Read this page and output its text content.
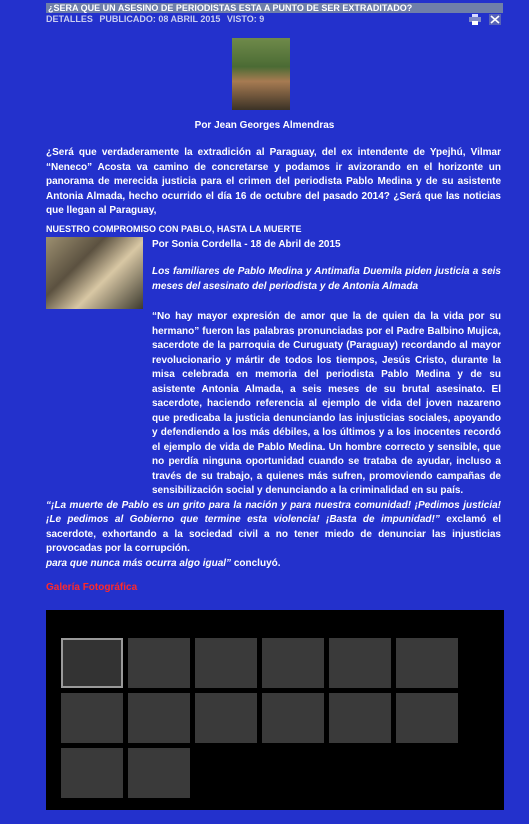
¿SERA QUE UN ASESINO DE PERIODISTAS ESTA A PUNTO DE SER EXTRADITADO?
DETALLES PUBLICADO: 08 ABRIL 2015 VISTO: 9
Por Jean Georges Almendras
¿Será que verdaderamente la extradición al Paraguay, del ex intendente de Ypejhú, Vilmar “Neneco” Acosta va camino de concretarse y podamos ir avizorando en el horizonte un panorama de merecida justicia para el crimen del periodista Pablo Medina y de su asistente Antonia Almada, hecho ocurrido el día 16 de octubre del pasado 2014? ¿Será que las noticias que llegan al Paraguay,
NUESTRO COMPROMISO CON PABLO, HASTA LA MUERTE
Por Sonia Cordella - 18 de Abril de 2015
Los familiares de Pablo Medina y Antimafia Duemila piden justicia a seis meses del asesinato del periodista y de Antonia Almada
“No hay mayor expresión de amor que la de quien da la vida por su hermano” fueron las palabras pronunciadas por el Padre Balbino Mujica, sacerdote de la parroquia de Curuguaty (Paraguay) recordando al mayor revolucionario y mártir de todos los tiempos, Jesús Cristo, durante la misa celebrada en memoria del periodista Pablo Medina y de su asistente Antonia Almada, a seis meses de su brutal asesinato. El sacerdote, haciendo referencia al ejemplo de vida del joven nazareno que predicaba la justicia denunciando las injusticias sociales, apoyando y defendiendo a los más débiles, a los últimos y a los inocentes recordó el ejemplo de vida de Pablo Medina. Un hombre correcto y sensible, que no perdía ninguna oportunidad cuando se trataba de ayudar, incluso a través de su trabajo, a quienes más sufren, promoviendo campañas de sensibilización social y denunciando a la criminalidad en su país.
“¡La muerte de Pablo es un grito para la nación y para nuestra comunidad! ¡Pedimos justicia! ¡Le pedimos al Gobierno que termine esta violencia! ¡Basta de impunidad!” exclamó el sacerdote, exhortando a la sociedad civil a no tener miedo de denunciar las injusticias provocadas por la corrupción.
para que nunca más ocurra algo igual” concluyó.
Galería Fotográfica
